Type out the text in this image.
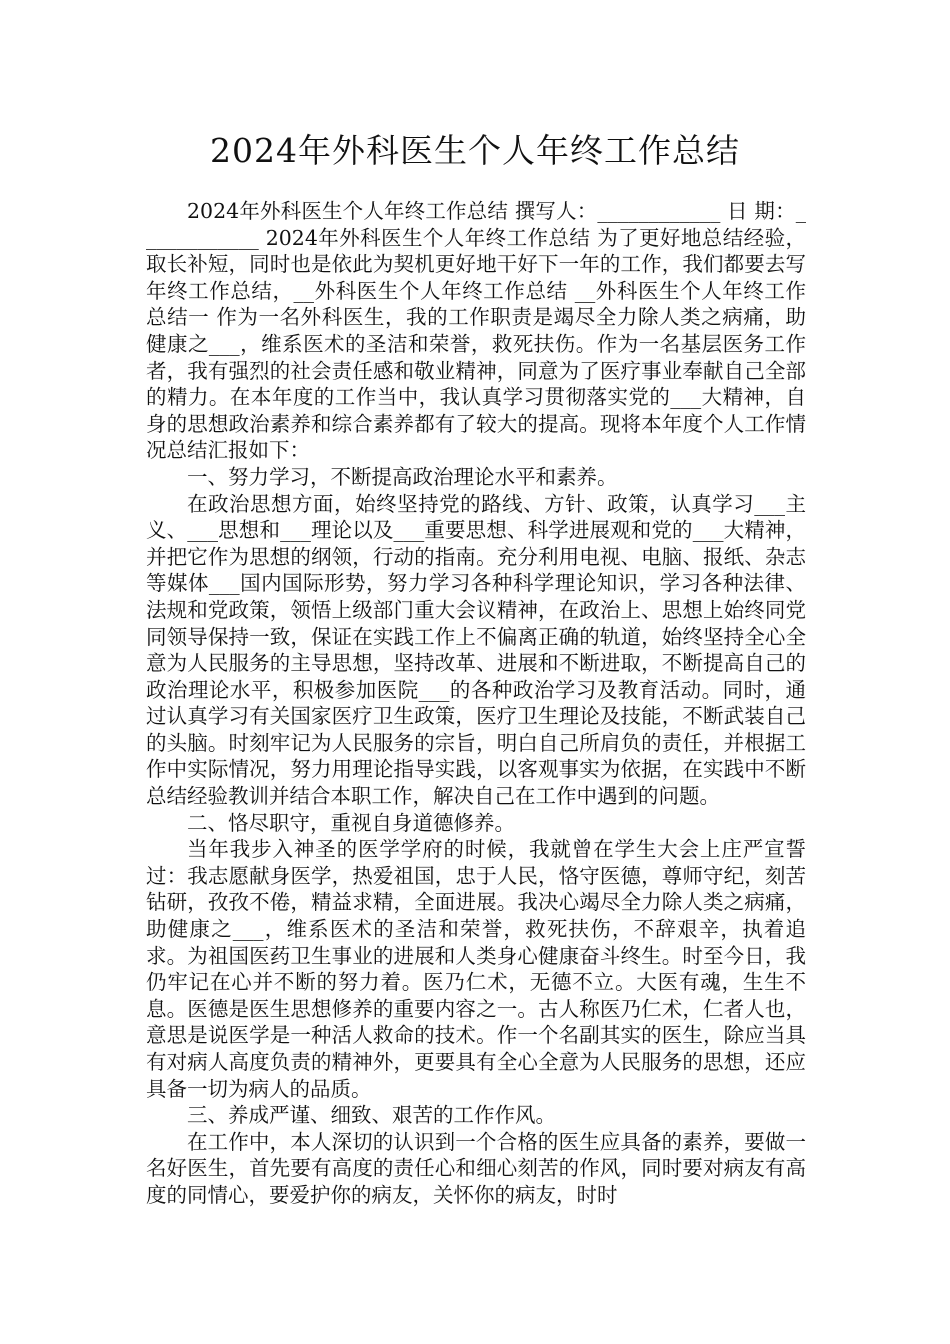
2024年外科医生个人年终工作总结

2024年外科医生个人年终工作总结 撰写人：____________ 日 期：____________ 2024年外科医生个人年终工作总结 为了更好地总结经验，取长补短，同时也是依此为契机更好地干好下一年的工作，我们都要去写年终工作总结，__外科医生个人年终工作总结 __外科医生个人年终工作总结一 作为一名外科医生，我的工作职责是竭尽全力除人类之病痛，助健康之___，维系医术的圣洁和荣誉，救死扶伤。作为一名基层医务工作者，我有强烈的社会责任感和敬业精神，同意为了医疗事业奉献自己全部的精力。在本年度的工作当中，我认真学习贯彻落实党的___大精神，自身的思想政治素养和综合素养都有了较大的提高。现将本年度个人工作情况总结汇报如下：

一、努力学习，不断提高政治理论水平和素养。

在政治思想方面，始终坚持党的路线、方针、政策，认真学习___主义、___思想和___理论以及___重要思想、科学进展观和党的___大精神，并把它作为思想的纲领，行动的指南。充分利用电视、电脑、报纸、杂志等媒体___国内国际形势，努力学习各种科学理论知识，学习各种法律、法规和党政策，领悟上级部门重大会议精神，在政治上、思想上始终同党同领导保持一致，保证在实践工作上不偏离正确的轨道，始终坚持全心全意为人民服务的主导思想，坚持改革、进展和不断进取，不断提高自己的政治理论水平，积极参加医院___的各种政治学习及教育活动。同时，通过认真学习有关国家医疗卫生政策，医疗卫生理论及技能，不断武装自己的头脑。时刻牢记为人民服务的宗旨，明白自己所肩负的责任，并根据工作中实际情况，努力用理论指导实践，以客观事实为依据，在实践中不断总结经验教训并结合本职工作，解决自己在工作中遇到的问题。

二、恪尽职守，重视自身道德修养。

当年我步入神圣的医学学府的时候，我就曾在学生大会上庄严宣誓过：我志愿献身医学，热爱祖国，忠于人民，恪守医德，尊师守纪，刻苦钻研，孜孜不倦，精益求精，全面进展。我决心竭尽全力除人类之病痛，助健康之___，维系医术的圣洁和荣誉，救死扶伤，不辞艰辛，执着追求。为祖国医药卫生事业的进展和人类身心健康奋斗终生。时至今日，我仍牢记在心并不断的努力着。医乃仁术，无德不立。大医有魂，生生不息。医德是医生思想修养的重要内容之一。古人称医乃仁术，仁者人也，意思是说医学是一种活人救命的技术。作一个名副其实的医生，除应当具有对病人高度负责的精神外，更要具有全心全意为人民服务的思想，还应具备一切为病人的品质。

三、养成严谨、细致、艰苦的工作作风。

在工作中，本人深切的认识到一个合格的医生应具备的素养，要做一名好医生，首先要有高度的责任心和细心刻苦的作风，同时要对病友有高度的同情心，要爱护你的病友，关怀你的病友，时时
